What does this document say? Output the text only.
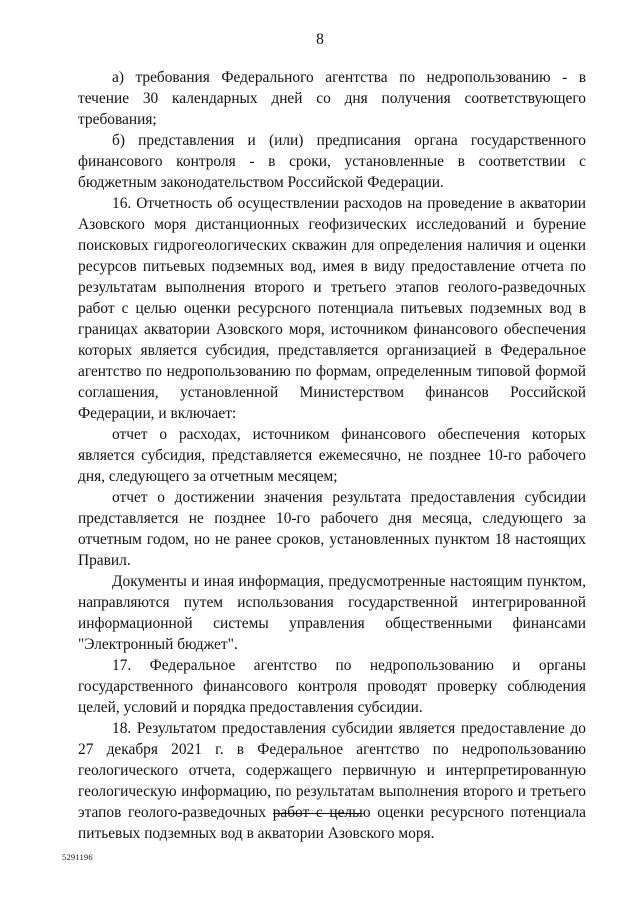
8

а) требования Федерального агентства по недропользованию - в течение 30 календарных дней со дня получения соответствующего требования;

б) представления и (или) предписания органа государственного финансового контроля - в сроки, установленные в соответствии с бюджетным законодательством Российской Федерации.

16. Отчетность об осуществлении расходов на проведение в акватории Азовского моря дистанционных геофизических исследований и бурение поисковых гидрогеологических скважин для определения наличия и оценки ресурсов питьевых подземных вод, имея в виду предоставление отчета по результатам выполнения второго и третьего этапов геолого-разведочных работ с целью оценки ресурсного потенциала питьевых подземных вод в границах акватории Азовского моря, источником финансового обеспечения которых является субсидия, представляется организацией в Федеральное агентство по недропользованию по формам, определенным типовой формой соглашения, установленной Министерством финансов Российской Федерации, и включает:

отчет о расходах, источником финансового обеспечения которых является субсидия, представляется ежемесячно, не позднее 10-го рабочего дня, следующего за отчетным месяцем;

отчет о достижении значения результата предоставления субсидии представляется не позднее 10-го рабочего дня месяца, следующего за отчетным годом, но не ранее сроков, установленных пунктом 18 настоящих Правил.

Документы и иная информация, предусмотренные настоящим пунктом, направляются путем использования государственной интегрированной информационной системы управления общественными финансами "Электронный бюджет".

17. Федеральное агентство по недропользованию и органы государственного финансового контроля проводят проверку соблюдения целей, условий и порядка предоставления субсидии.

18. Результатом предоставления субсидии является предоставление до 27 декабря 2021 г. в Федеральное агентство по недропользованию геологического отчета, содержащего первичную и интерпретированную геологическую информацию, по результатам выполнения второго и третьего этапов геолого-разведочных работ с целью оценки ресурсного потенциала питьевых подземных вод в акватории Азовского моря.

5291196
